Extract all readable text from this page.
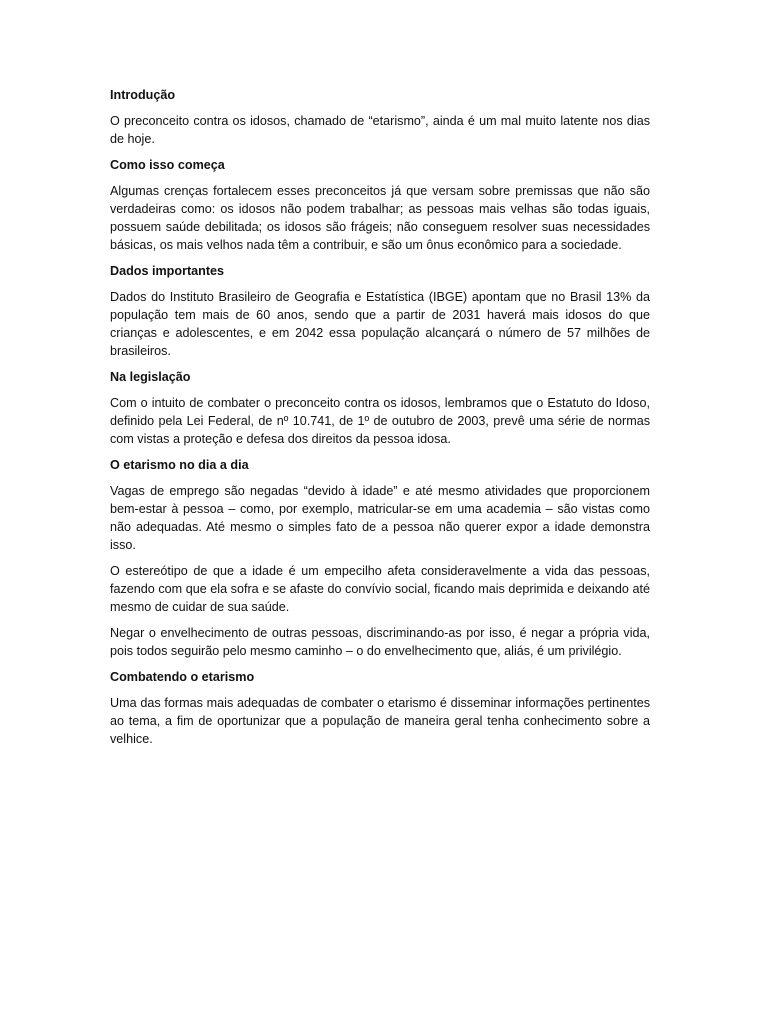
Introdução

O preconceito contra os idosos, chamado de “etarismo”, ainda é um mal muito latente nos dias de hoje.

Como isso começa

Algumas crenças fortalecem esses preconceitos já que versam sobre premissas que não são verdadeiras como: os idosos não podem trabalhar; as pessoas mais velhas são todas iguais, possuem saúde debilitada; os idosos são frágeis; não conseguem resolver suas necessidades básicas, os mais velhos nada têm a contribuir, e são um ônus econômico para a sociedade.

Dados importantes

Dados do Instituto Brasileiro de Geografia e Estatística (IBGE) apontam que no Brasil 13% da população tem mais de 60 anos, sendo que a partir de 2031 haverá mais idosos do que crianças e adolescentes, e em 2042 essa população alcançará o número de 57 milhões de brasileiros.

Na legislação

Com o intuito de combater o preconceito contra os idosos, lembramos que o Estatuto do Idoso, definido pela Lei Federal, de nº 10.741, de 1º de outubro de 2003, prevê uma série de normas com vistas a proteção e defesa dos direitos da pessoa idosa.

O etarismo no dia a dia

Vagas de emprego são negadas “devido à idade” e até mesmo atividades que proporcionem bem-estar à pessoa – como, por exemplo, matricular-se em uma academia – são vistas como não adequadas. Até mesmo o simples fato de a pessoa não querer expor a idade demonstra isso.

O estereótipo de que a idade é um empecilho afeta consideravelmente a vida das pessoas, fazendo com que ela sofra e se afaste do convívio social, ficando mais deprimida e deixando até mesmo de cuidar de sua saúde.

Negar o envelhecimento de outras pessoas, discriminando-as por isso, é negar a própria vida, pois todos seguirão pelo mesmo caminho – o do envelhecimento que, aliás, é um privilégio.

Combatendo o etarismo

Uma das formas mais adequadas de combater o etarismo é disseminar informações pertinentes ao tema, a fim de oportunizar que a população de maneira geral tenha conhecimento sobre a velhice.
